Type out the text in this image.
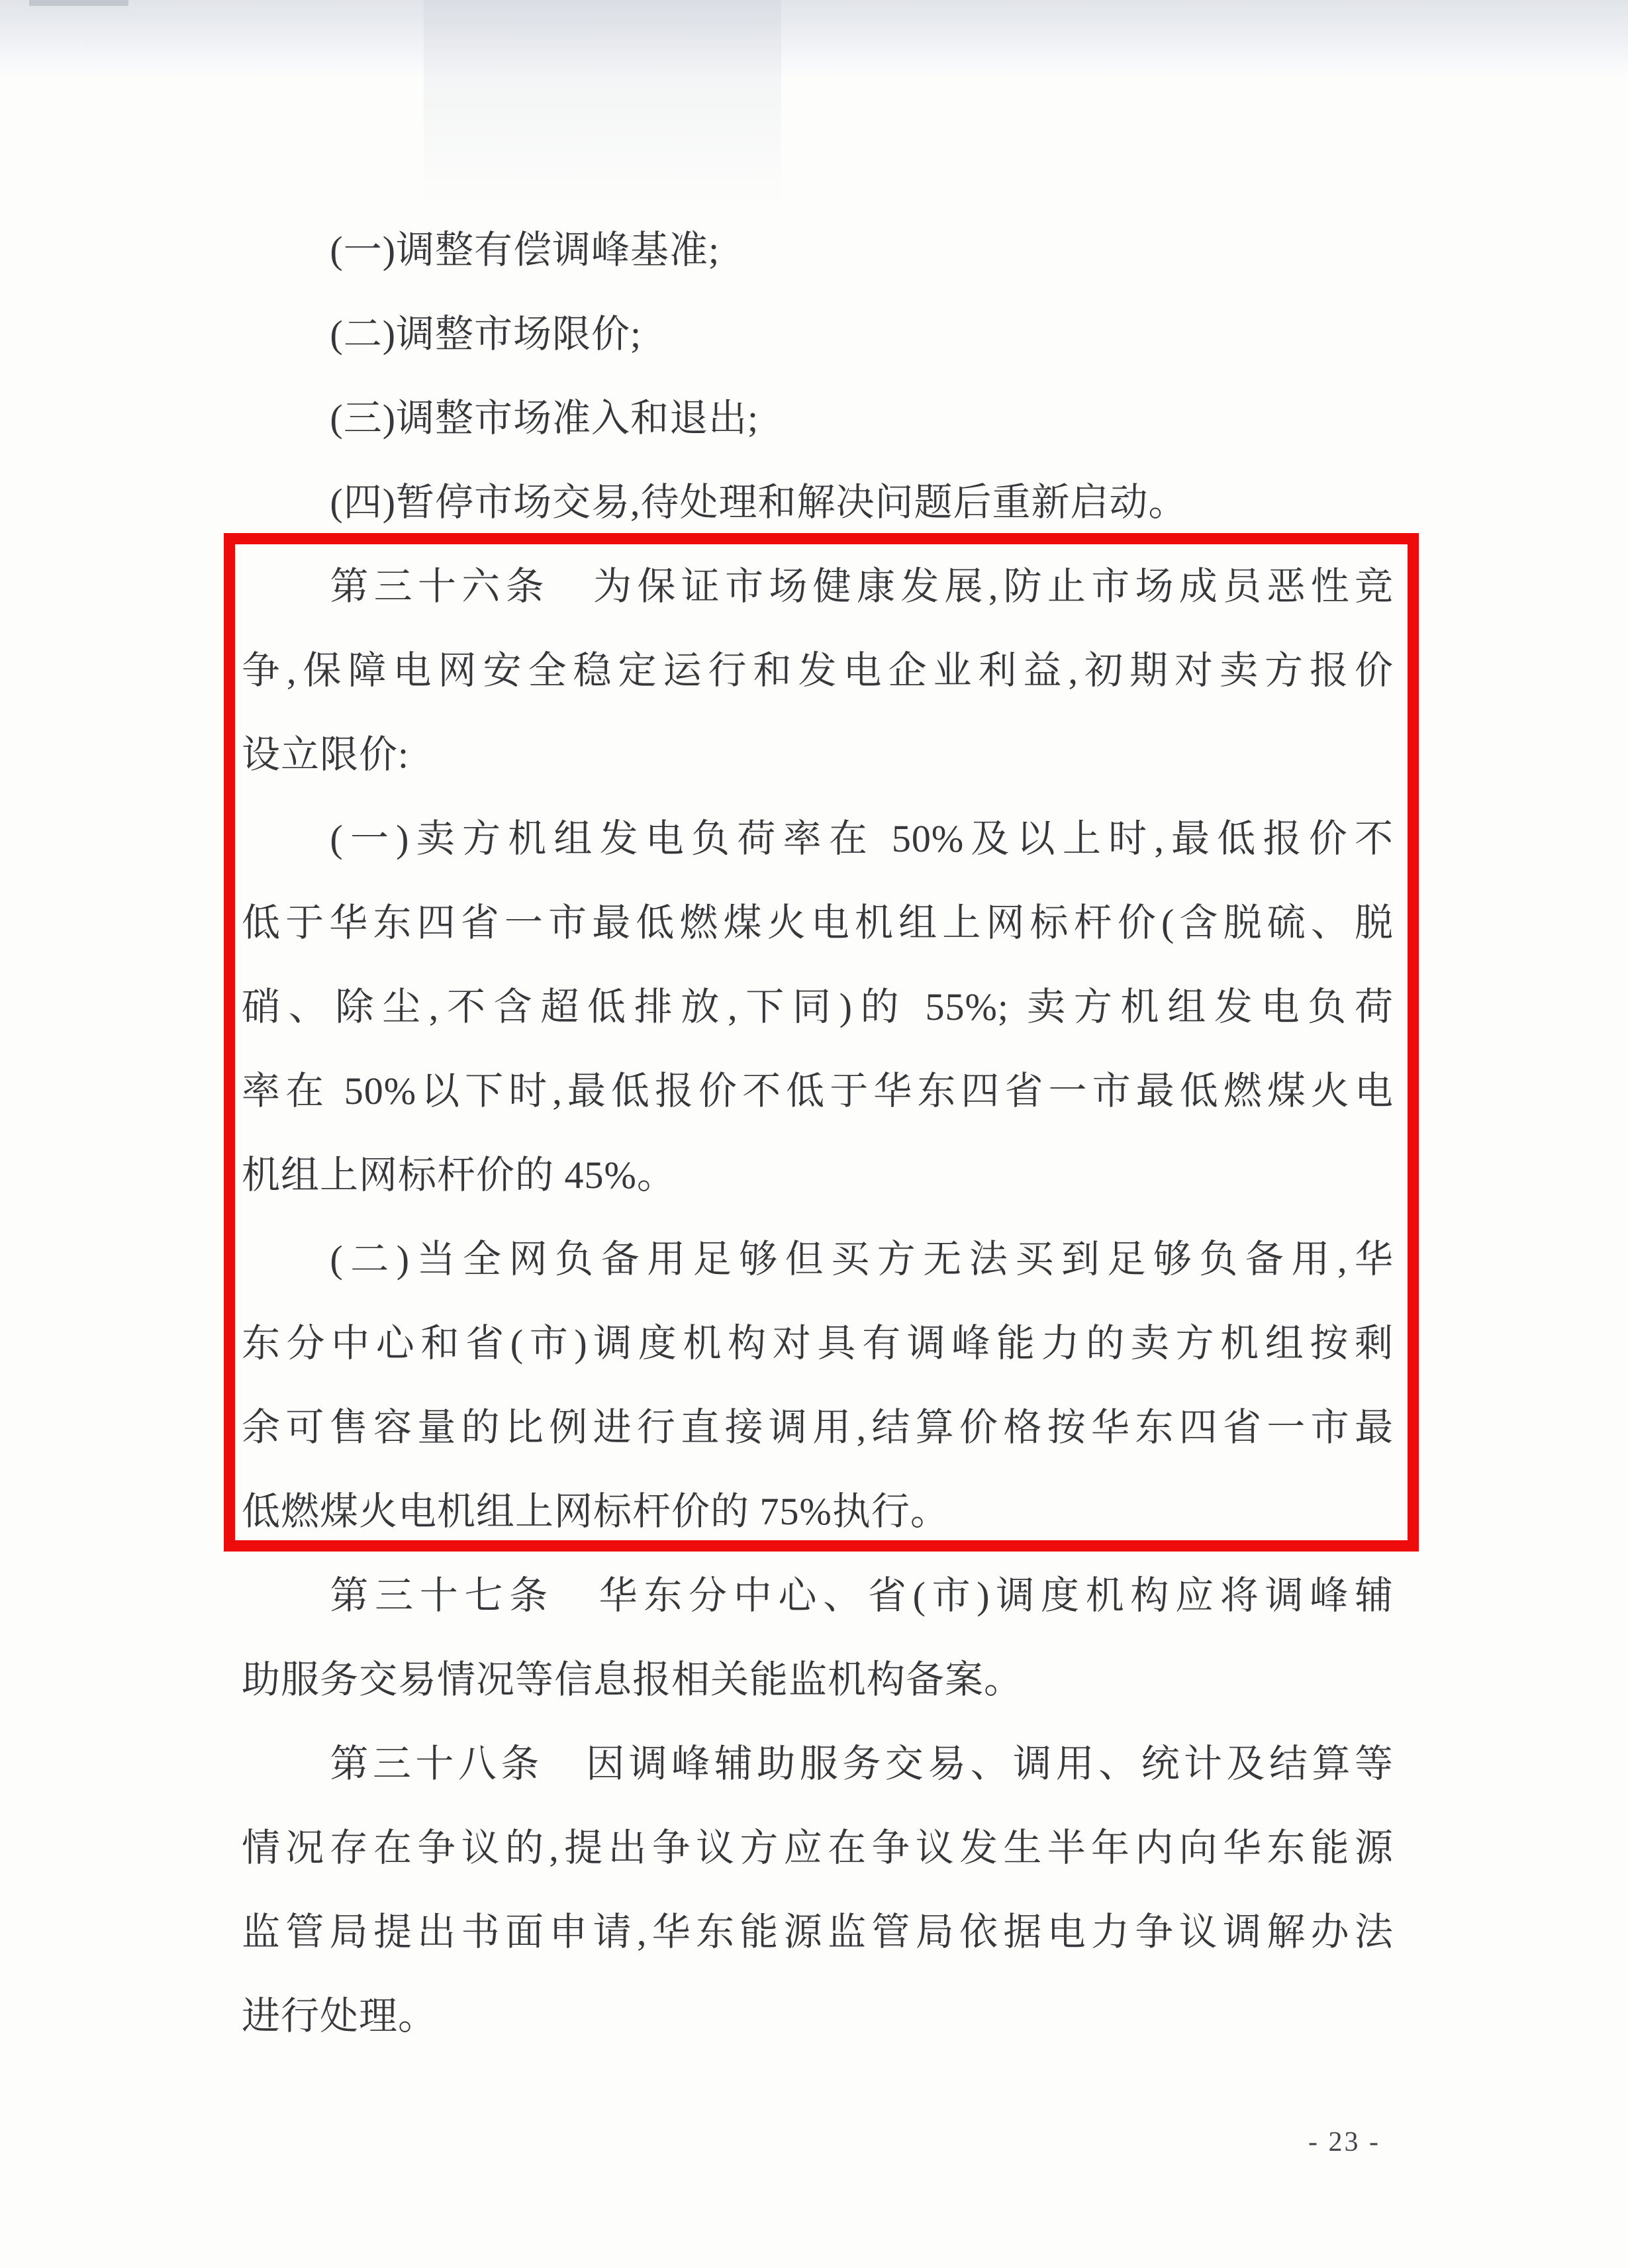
(一)调整有偿调峰基准;
(二)调整市场限价;
(三)调整市场准入和退出;
(四)暂停市场交易,待处理和解决问题后重新启动。
第三十六条　为保证市场健康发展,防止市场成员恶性竞
争,保障电网安全稳定运行和发电企业利益,初期对卖方报价
设立限价:
(一)卖方机组发电负荷率在 50%及以上时,最低报价不
低于华东四省一市最低燃煤火电机组上网标杆价(含脱硫、脱
硝、除尘,不含超低排放,下同)的 55%; 卖方机组发电负荷
率在 50%以下时,最低报价不低于华东四省一市最低燃煤火电
机组上网标杆价的 45%。
(二)当全网负备用足够但买方无法买到足够负备用,华
东分中心和省(市)调度机构对具有调峰能力的卖方机组按剩
余可售容量的比例进行直接调用,结算价格按华东四省一市最
低燃煤火电机组上网标杆价的 75%执行。
第三十七条　华东分中心、省(市)调度机构应将调峰辅
助服务交易情况等信息报相关能监机构备案。
第三十八条　因调峰辅助服务交易、调用、统计及结算等
情况存在争议的,提出争议方应在争议发生半年内向华东能源
监管局提出书面申请,华东能源监管局依据电力争议调解办法
进行处理。
- 23 -
